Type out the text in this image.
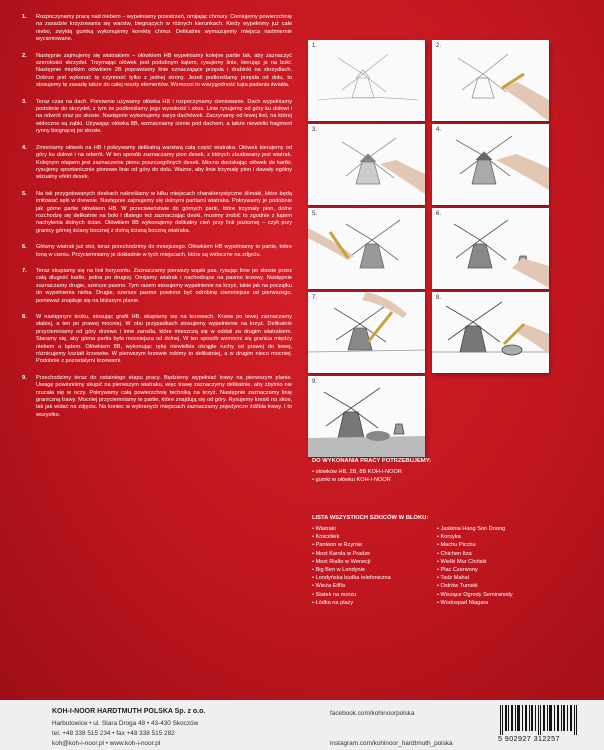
1.	Rozpoczynamy pracę nad niebem – wypełniamy przestrzeń, omijając chmury. Cieniujemy powierzchnię na zasadzie krzyżowania się warstw, biegnących w różnych kierunkach. Kiedy wypełnimy już całe niebo, zwykłą gumką wykonujemy korektę chmur. Delikatnie wymazujemy miejsca nadmiernie wycieniowane.

2.	Następnie zajmujemy się wiatrakiem – ołówkiem HB wypełniamy kolejne partie tak, aby zaznaczyć szerokości skrzydeł. Trzymając ołówek pod podobnym kątem, rysujemy linie, kierując je na boki. Następnie miękkim ołówkiem 2B poprawiamy linie oznaczające przęsła i drabinki na skrzydłach. Dobrze jest wykonać tę czynność tylko z jednej strony. Jeżeli podkreślamy przęsła od dołu, to stosujemy tę zasadę także do całej reszty elementów. Wzmocni to wiarygodność kąta padania światła.

3.	Teraz czas na dach. Ponownie używamy ołówka HB i rozpoczynamy cieniowanie. Dach wypełniamy podobnie do skrzydeł, z tym że podkreślamy jego wysokość i skos. Linie rysujemy od góry ku dołowi i na odwrót oraz po skosie. Następnie wykonujemy zarys dachówek. Zaczynamy od lewej linii, na której widoczne są ząbki. Używając ołówka 8B, wzmacniamy cienie pod dachem, a także niewielki fragment rynny biegnącej po skosie.

4.	Zmieniamy ołówek na HB i pokrywamy delikatną warstwą całą część wiatraka. Ołówek kierujemy od góry ku dołowi i na odwrót. W ten sposób zaznaczamy pion desek, z których zbudowany jest wiatrak. Kolejnym etapem jest zaznaczenie pionu poszczególnych desek. Mocno dociskając ołówek do kartki, rysujemy spontanicznie pionowe linie od góry do dołu. Ważne, aby linie trzymały pion i dawały ogólny wizualny efekt desek.

5.	Na tak przygotowanych deskach nakreślamy w kilku miejscach charakterystyczne ślimaki, które będą imitować sęki w drewnie. Następnie zajmujemy się dolnymi partiami wiatraka. Pokrywamy je podobnie jak górne partie ołówkiem HB. W przeciwieństwie do górnych partii, które trzymały pion, dolne rozchodzę się delikatnie na boki i dlatego też zaznaczając deski, musimy zrobić to zgodnie z kątem nachylenia dolnych ścian. Ołówkiem 8B wykonujemy delikatny cień przy linii poziomej – czyli przy granicy górnej ściany bocznej z dolną ścianą boczną wiatraka.

6.	Główny wiatrak już stoi, teraz przechodzimy do mniejszego. Ołówkiem HB wypełniamy te partie, które toną w cieniu. Przyciemniamy je dokładnie w tych miejscach, które są widoczne na zdjęciu.

7.	Teraz skupiamy się na linii horyzontu. Zaznaczamy pierwszy wąski pas, rysując linie po skosie przez całą długość kartki, jedna po drugiej. Omijamy wiatrak i nachodzące na pasmo krzewy. Następnie zaznaczamy drugie, szersze pasmo. Tym razem stosujemy wypełnienie na krzyż, takie jak na początku do wypełnienia nieba. Drugie, szersze pasmo powinno być odrobinę ciemniejsze od pierwszego, ponieważ znajduje się na bliższym planie.

8.	W następnym kroku, stosując grafit HB, skupiamy się na krzewach. Krzew po lewej zaznaczamy słabiej, a ten po prawej mocniej. W obu przypadkach stosujemy wypełnienie na krzyż. Delikatnie przyciemniamy od góry drzewo i inne zarośla, które mieszczą się w oddali za drugim wiatrakiem. Staramy się, aby górna partia była mocniejsza od dolnej. W ten sposób wzmocni się granica między niebem a lądem. Ołówkiem 8B, wykonując rękę niewielkie okrągłe ruchy od prawej do lewej, różnicujemy kształt krzewów. W pierwszym krzewie robimy to delikatniej, a w drugim nieco mocniej. Podobnie z pozostałymi krzewami.

9.	Przechodzimy teraz do ostatniego etapu pracy. Będziemy wypełniać trawy na pierwszym planie. Uwagę powinniśmy skupić na pierwszym wiatraku, więc trawę zaznaczymy delikatnie, aby zbytnio nie rzucała się w oczy. Pokrywamy całą powierzchnię techniką na krzyż. Następnie zaznaczamy linię graniczną trawy. Mocniej przyciemniamy te partie, które znajdują się od góry. Rysujemy kreski na skos, tak jak widać na zdjęciu. Na koniec w wybranych miejscach zaznaczamy pojedyncze źdźbła trawy. I to wszystko.

1.	2.
3.	4.
5.	6.
7.	8.
9.

DO WYKONANIA PRACY POTRZEBUJEMY:

• ołówków HB, 2B, 8B KOH-I-NOOR

• gumki w ołówku KOH-I-NOOR

LISTA WSZYSTKICH SZKICÓW W BLOKU:

• Wiatraki

• Kościółek

• Panteon w Rzymie

• Most Karola w Pradze

• Most Rialto w Wenecji

• Big Ben w Londynie

• Londyńska budka telefoniczna

• Wieża Eiffla

• Statek na morzu

• Łódka na plaży

• Jaskinia Hang Son Doong

• Korsyka

• Machu Picchu

• Chichen Itza

• Wielki Mur Chiński

• Plac Czerwony

• Tadż Mahal

• Ostrów Tumski

• Wiszące Ogrody Semiramidy

• Wodospad Niagara

KOH-I-NOOR HARDTMUTH POLSKA Sp. z o.o.

Harbutowice • ul. Stara Droga 48 • 43-430 Skoczów

tel. +48 338 515 234 • fax +48 338 515 282

koh@koh-i-noor.pl • www.koh-i-noor.pl

facebook.com/kohinoorpolska

instagram.com/kohinoor_hardtmuth_polska

5 902927 312257
